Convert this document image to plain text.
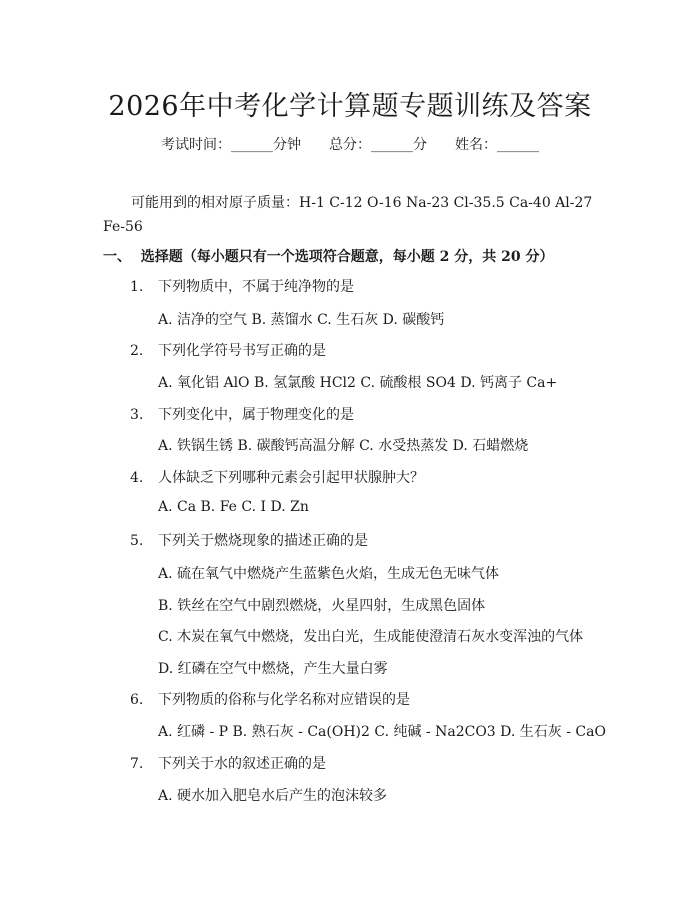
2026年中考化学计算题专题训练及答案
考试时间：______分钟 总分：______分 姓名：______
可能用到的相对原子质量：H-1 C-12 O-16 Na-23 Cl-35.5 Ca-40 Al-27 Fe-56
一、  选择题（每小题只有一个选项符合题意，每小题 2 分，共 20 分）
1. 下列物质中，不属于纯净物的是
A. 洁净的空气 B. 蒸馏水 C. 生石灰 D. 碳酸钙
2. 下列化学符号书写正确的是
A. 氧化铝 AlO B. 氢氯酸 HCl2 C. 硫酸根 SO4 D. 钙离子 Ca+
3. 下列变化中，属于物理变化的是
A. 铁锅生锈 B. 碳酸钙高温分解 C. 水受热蒸发 D. 石蜡燃烧
4. 人体缺乏下列哪种元素会引起甲状腺肿大？
A. Ca B. Fe C. I D. Zn
5. 下列关于燃烧现象的描述正确的是
A. 硫在氧气中燃烧产生蓝紫色火焰，生成无色无味气体
B. 铁丝在空气中剧烈燃烧，火星四射，生成黑色固体
C. 木炭在氧气中燃烧，发出白光，生成能使澄清石灰水变浑浊的气体
D. 红磷在空气中燃烧，产生大量白雾
6. 下列物质的俗称与化学名称对应错误的是
A. 红磷 - P B. 熟石灰 - Ca(OH)2 C. 纯碱 - Na2CO3 D. 生石灰 - CaO
7. 下列关于水的叙述正确的是
A. 硬水加入肥皂水后产生的泡沫较多
